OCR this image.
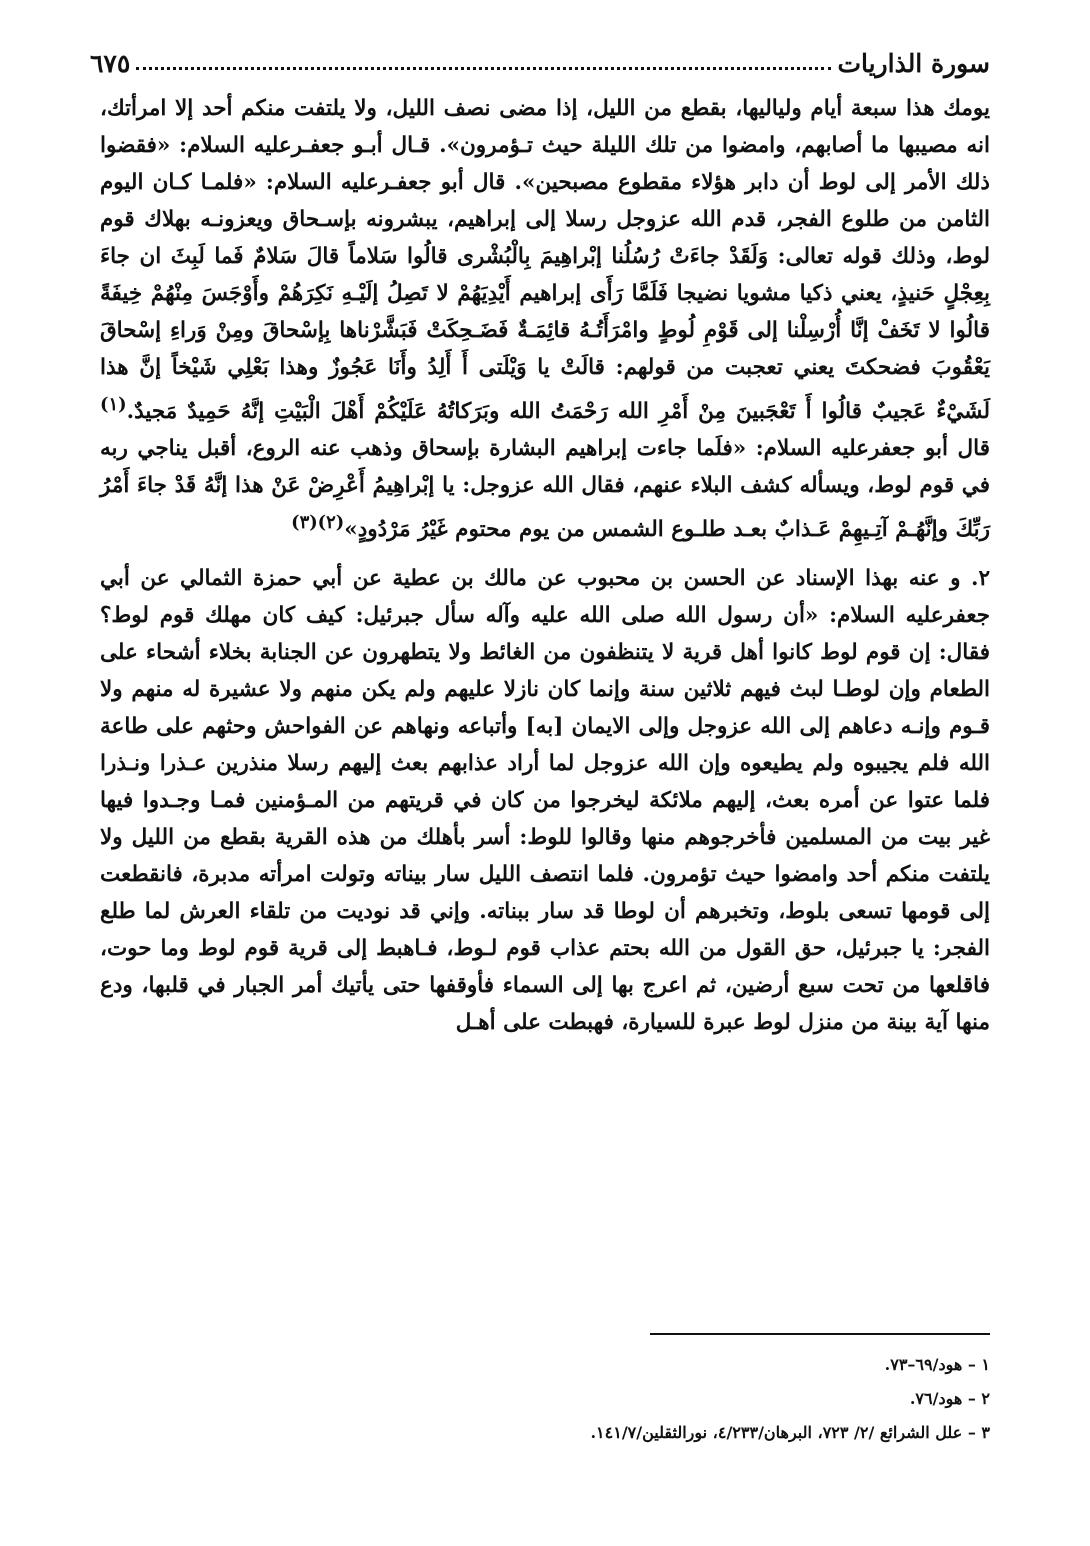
سورة الذاريات
٦٧٥

يومك هذا سبعة أيام ولياليها، بقطع من الليل، إذا مضى نصف الليل، ولا يلتفت منكم أحد إلا امرأتك، انه مصيبها ما أصابهم، وامضوا من تلك الليلة حيث تـؤمرون». قـال أبـو جعفـرعليه السلام: «فقضوا ذلك الأمر إلى لوط أن دابر هؤلاء مقطوع مصبحين». قال أبو جعفـرعليه السلام: «فلمـا كـان اليوم الثامن من طلوع الفجر، قدم الله عزوجل رسلا إلى إبراهيم، يبشرونه بإسـحاق ويعزونـه بهلاك قوم لوط، وذلك قوله تعالى: وَلَقَدْ جاءَتْ رُسُلُنا إبْراهِيمَ بِالْبُشْرى قالُوا سَلاماً قالَ سَلامٌ فَما لَبِثَ ان جاءَ بِعِجْلٍ حَنيذٍ، يعني ذكيا مشويا نضيجا فَلَمَّا رَأَى إبراهيم أَيْدِيَهُمْ لا تَصِلُ إلَيْـهِ نَكِرَهُمْ وأَوْجَسَ مِنْهُمْ خِيفَةً قالُوا لا تَخَفْ إنَّا أُرْسِلْنا إلى قَوْمِ لُوطٍ وامْرَأَتُـهُ قائِمَـةٌ فَضَـحِكَتْ فَبَشَّرْناها بِإسْحاقَ ومِنْ وَراءِ إسْحاقَ يَعْقُوبَ فضحكتَ يعني تعجبت من قولهم: قالَتْ يا وَيْلَتى أَ أَلِدُ وأَنَا عَجُوزٌ وهذا بَعْلِي شَيْخاً إنَّ هذا لَشَيْءٌ عَجيبٌ قالُوا أَ تَعْجَبينَ مِنْ أَمْرِ الله رَحْمَتُ الله وبَرَكاتُهُ عَلَيْكُمْ أَهْلَ الْبَيْتِ إنَّهُ حَمِيدٌ مَجيدٌ.$^{(١)}$ قال أبو جعفرعليه السلام: «فلَما جاءت إبراهيم البشارة بإسحاق وذهب عنه الروع، أقبل يناجي ربه في قوم لوط، ويسأله كشف البلاء عنهم، فقال الله عزوجل: يا إبْراهِيمُ أَعْرِضْ عَنْ هذا إنَّهُ قَدْ جاءَ أَمْرُ رَبِّكَ وإنَّهُـمْ آتِـيهِمْ عَـذابٌ بعـد طلـوع الشمس من يوم محتوم غَيْرُ مَرْدُودٍ»$^{(٢)(٣)}$

٢. و عنه بهذا الإسناد عن الحسن بن محبوب عن مالك بن عطية عن أبي حمزة الثمالي عن أبي جعفرعليه السلام: «أن رسول الله صلى الله عليه وآله سأل جبرئيل: كيف كان مهلك قوم لوط؟ فقال: إن قوم لوط كانوا أهل قرية لا يتنظفون من الغائط ولا يتطهرون عن الجنابة بخلاء أشحاء على الطعام وإن لوطـا لبث فيهم ثلاثين سنة وإنما كان نازلا عليهم ولم يكن منهم ولا عشيرة له منهم ولا قـوم وإنـه دعاهم إلى الله عزوجل وإلى الايمان [به] وأتباعه ونهاهم عن الفواحش وحثهم على طاعة الله فلم يجيبوه ولم يطيعوه وإن الله عزوجل لما أراد عذابهم بعث إليهم رسلا منذرين عـذرا ونـذرا فلما عتوا عن أمره بعث، إليهم ملائكة ليخرجوا من كان في قريتهم من المـؤمنين فمـا وجـدوا فيها غير بيت من المسلمين فأخرجوهم منها وقالوا للوط: أسر بأهلك من هذه القرية بقطع من الليل ولا يلتفت منكم أحد وامضوا حيث تؤمرون. فلما انتصف الليل سار بيناته وتولت امرأته مدبرة، فانقطعت إلى قومها تسعى بلوط، وتخبرهم أن لوطا قد سار ببناته. وإني قد نوديت من تلقاء العرش لما طلع الفجر: يا جبرئيل، حق القول من الله بحتم عذاب قوم لـوط، فـاهبط إلى قرية قوم لوط وما حوت، فاقلعها من تحت سبع أرضين، ثم اعرج بها إلى السماء فأوقفها حتى يأتيك أمر الجبار في قلبها، ودع منها آية بينة من منزل لوط عبرة للسيارة، فهبطت على أهـل

١ – هود/٦٩–٧٣.
٢ – هود/٧٦.
٣ – علل الشرائع /٢/ ٧٢٣، البرهان/٤/٢٣٣، نورالثقلين/١٤١/٧.
